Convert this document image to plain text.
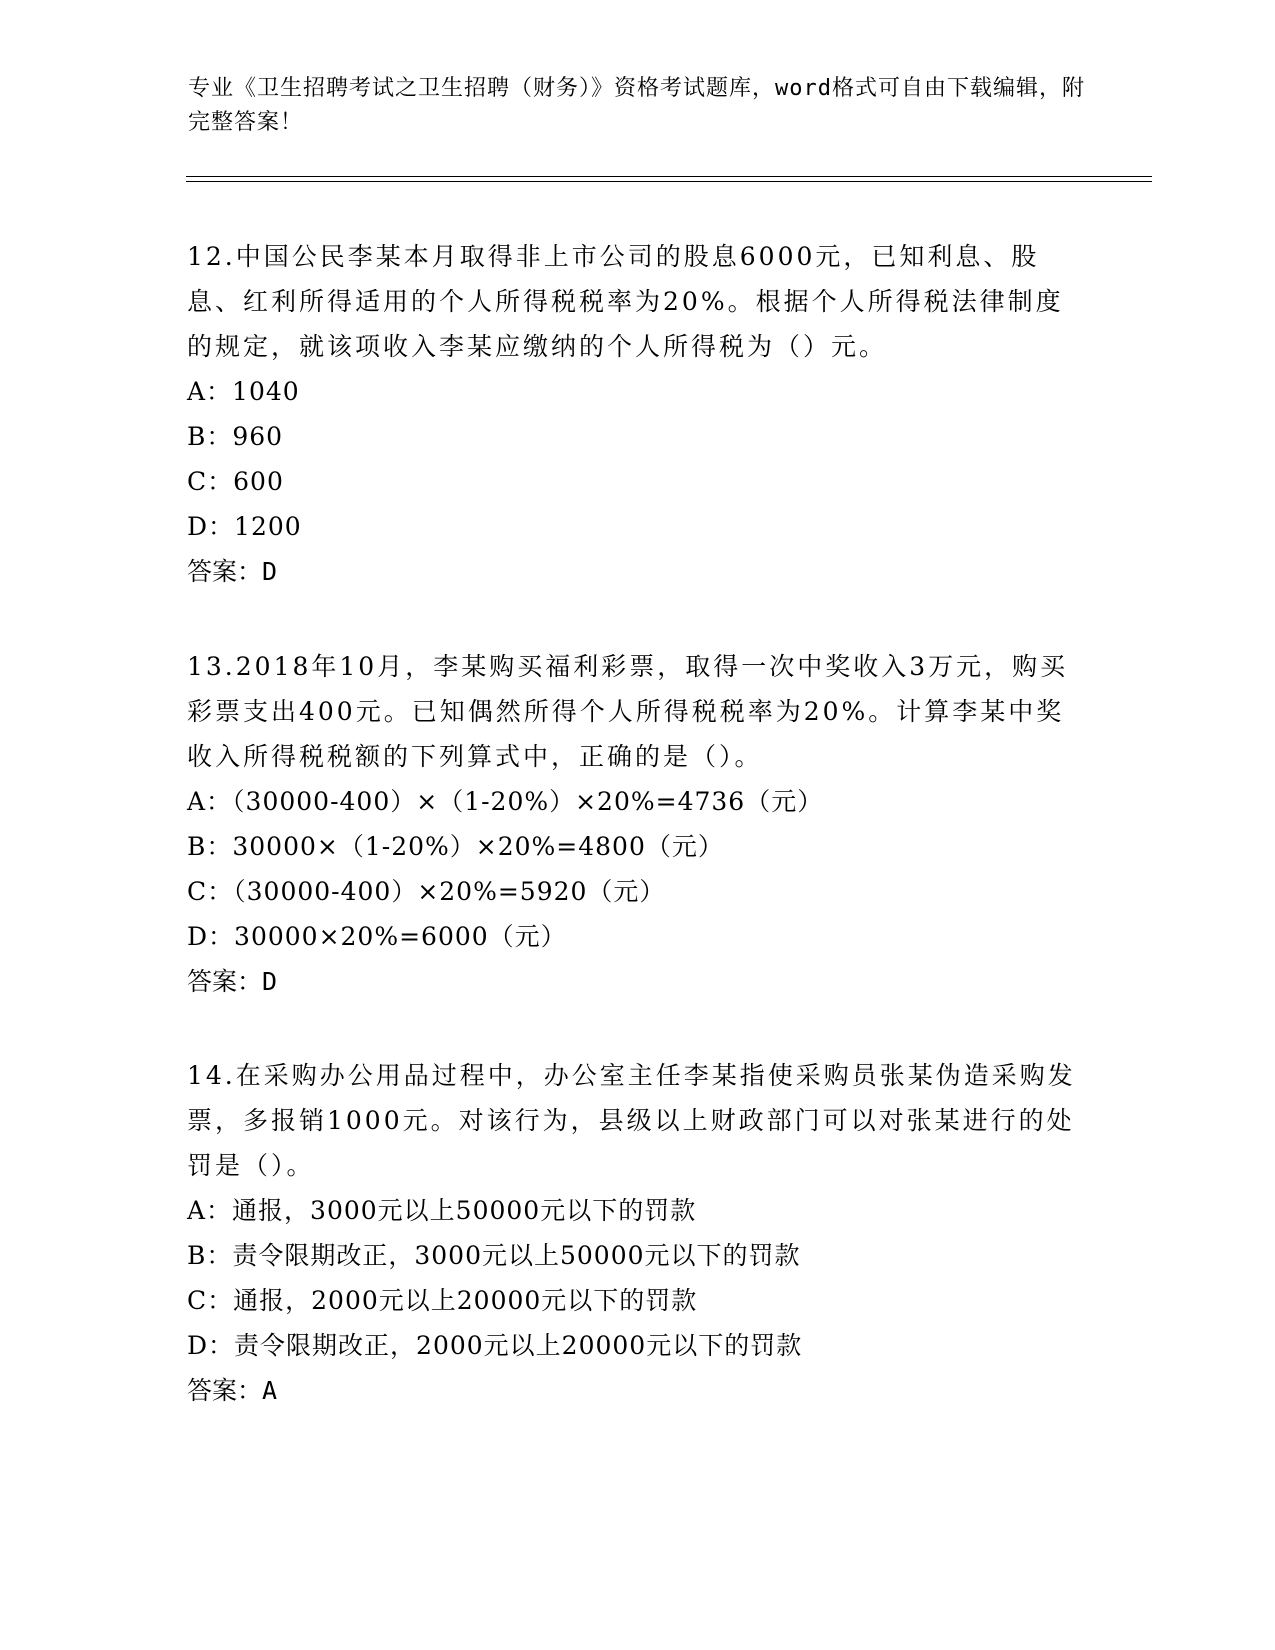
专业《卫生招聘考试之卫生招聘（财务）》资格考试题库，word格式可自由下载编辑，附完整答案！

12.中国公民李某本月取得非上市公司的股息6000元，已知利息、股息、红利所得适用的个人所得税税率为20%。根据个人所得税法律制度的规定，就该项收入李某应缴纳的个人所得税为（）元。

A：1040

B：960

C：600

D：1200

答案：D

13.2018年10月，李某购买福利彩票，取得一次中奖收入3万元，购买彩票支出400元。已知偶然所得个人所得税税率为20%。计算李某中奖收入所得税税额的下列算式中，正确的是（）。

A：（30000-400）×（1-20%）×20%=4736（元）

B：30000×（1-20%）×20%=4800（元）

C：（30000-400）×20%=5920（元）

D：30000×20%=6000（元）

答案：D

14.在采购办公用品过程中，办公室主任李某指使采购员张某伪造采购发票，多报销1000元。对该行为，县级以上财政部门可以对张某进行的处罚是（）。

A：通报，3000元以上50000元以下的罚款

B：责令限期改正，3000元以上50000元以下的罚款

C：通报，2000元以上20000元以下的罚款

D：责令限期改正，2000元以上20000元以下的罚款

答案：A
